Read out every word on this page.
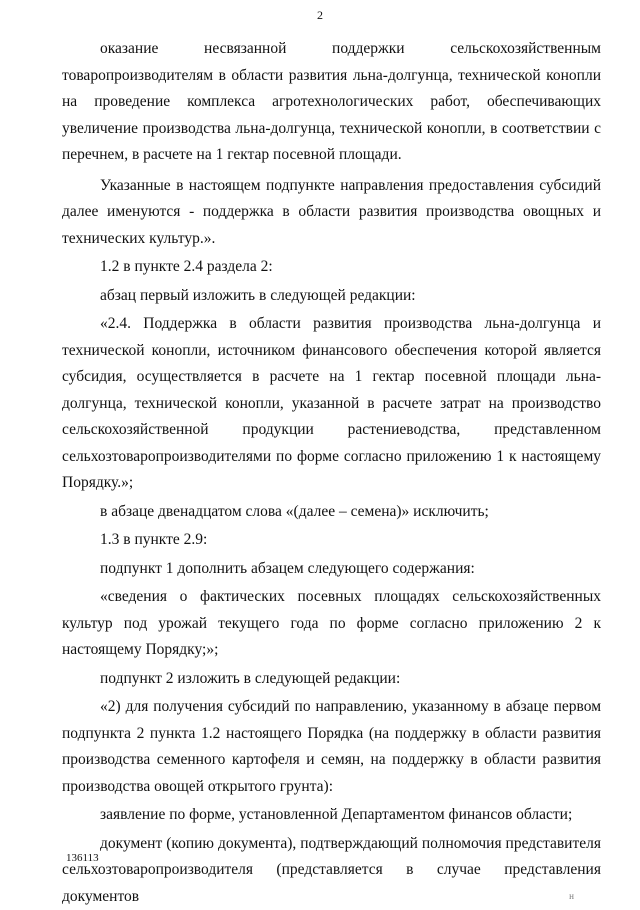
2

оказание несвязанной поддержки сельскохозяйственным товаропроизводителям в области развития льна-долгунца, технической конопли на проведение комплекса агротехнологических работ, обеспечивающих увеличение производства льна-долгунца, технической конопли, в соответствии с перечнем, в расчете на 1 гектар посевной площади.

Указанные в настоящем подпункте направления предоставления субсидий далее именуются - поддержка в области развития производства овощных и технических культур.».

1.2 в пункте 2.4 раздела 2:

абзац первый изложить в следующей редакции:

«2.4. Поддержка в области развития производства льна-долгунца и технической конопли, источником финансового обеспечения которой является субсидия, осуществляется в расчете на 1 гектар посевной площади льна-долгунца, технической конопли, указанной в расчете затрат на производство сельскохозяйственной продукции растениеводства, представленном сельхозтоваропроизводителями по форме согласно приложению 1 к настоящему Порядку.»;

в абзаце двенадцатом слова «(далее – семена)» исключить;

1.3 в пункте 2.9:

подпункт 1 дополнить абзацем следующего содержания:

«сведения о фактических посевных площадях сельскохозяйственных культур под урожай текущего года по форме согласно приложению 2 к настоящему Порядку;»;

подпункт 2 изложить в следующей редакции:

«2) для получения субсидий по направлению, указанному в абзаце первом подпункта 2 пункта 1.2 настоящего Порядка (на поддержку в области развития производства семенного картофеля и семян, на поддержку в области развития производства овощей открытого грунта):

заявление по форме, установленной Департаментом финансов области;

документ (копию документа), подтверждающий полномочия представителя сельхозтоваропроизводителя (представляется в случае представления документов

136113
н
